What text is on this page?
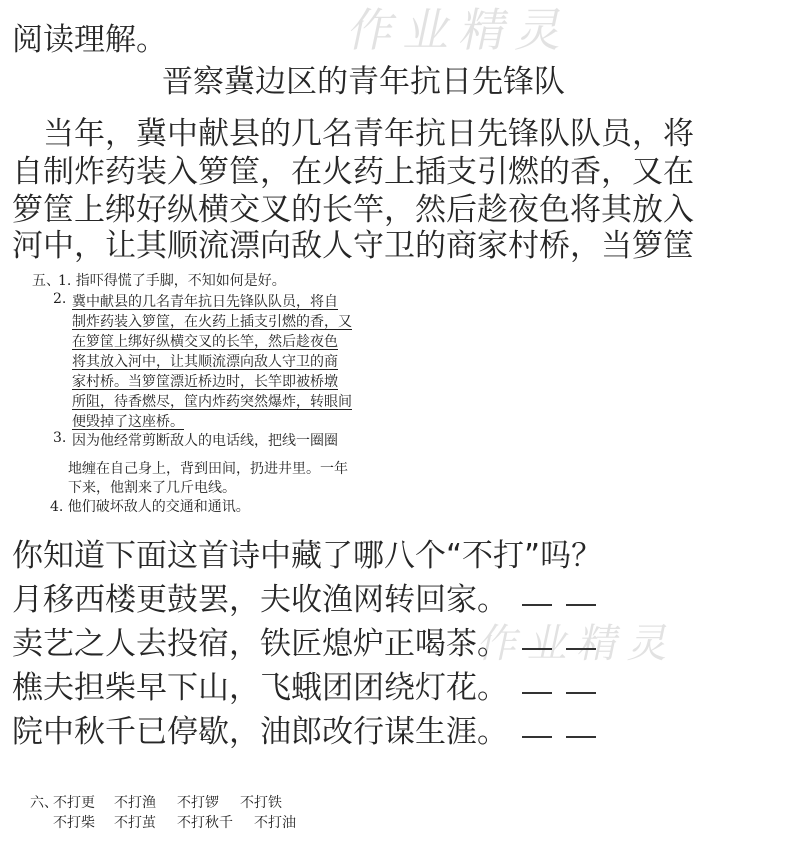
作业精灵
作业精灵
阅读理解。
晋察冀边区的青年抗日先锋队
　当年，冀中献县的几名青年抗日先锋队队员，将
自制炸药装入箩筐，在火药上插支引燃的香，又在
箩筐上绑好纵横交叉的长竿，然后趁夜色将其放入
河中，让其顺流漂向敌人守卫的商家村桥，当箩筐
五、
1. 指吓得慌了手脚，不知如何是好。
2. 冀中献县的几名青年抗日先锋队队员，将自
制炸药装入箩筐，在火药上插支引燃的香，又
在箩筐上绑好纵横交叉的长竿，然后趁夜色
将其放入河中，让其顺流漂向敌人守卫的商
家村桥。当箩筐漂近桥边时，长竿即被桥墩
所阻，待香燃尽，筐内炸药突然爆炸，转眼间
便毁掉了这座桥。
3. 因为他经常剪断敌人的电话线，把线一圈圈
地缠在自己身上，背到田间，扔进井里。一年
下来，他割来了几斤电线。
4. 他们破坏敌人的交通和通讯。
你知道下面这首诗中藏了哪八个“不打”吗？
月移西楼更鼓罢，夫收渔网转回家。
卖艺之人去投宿，铁匠熄炉正喝茶。
樵夫担柴早下山，飞蛾团团绕灯花。
院中秋千已停歇，油郎改行谋生涯。
六、
不打更 不打渔 不打锣 不打铁
不打柴 不打茧 不打秋千 不打油
